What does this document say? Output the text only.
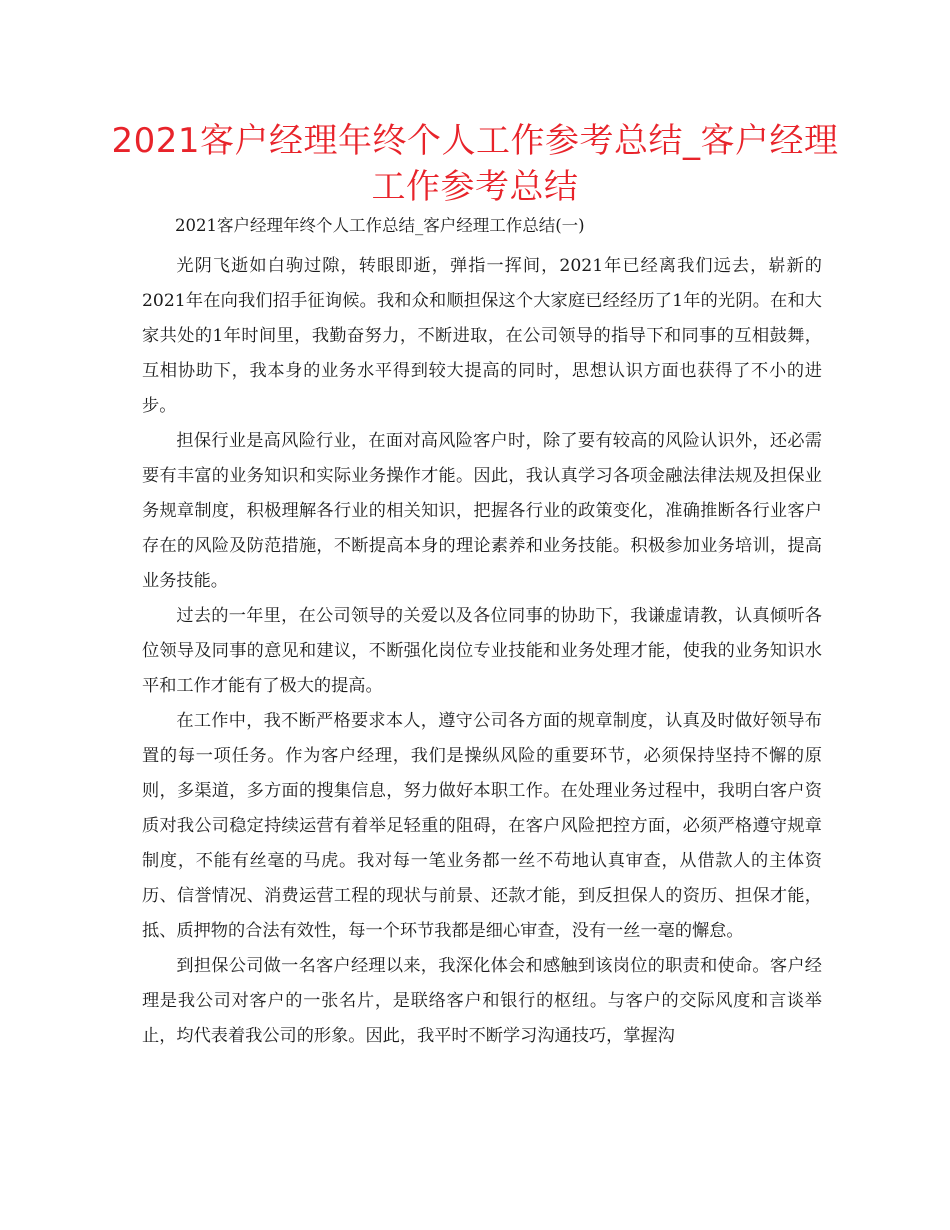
2021客户经理年终个人工作参考总结_客户经理工作参考总结

2021客户经理年终个人工作总结_客户经理工作总结(一)

光阴飞逝如白驹过隙，转眼即逝，弹指一挥间，2021年已经离我们远去，崭新的2021年在向我们招手征询候。我和众和顺担保这个大家庭已经经历了1年的光阴。在和大家共处的1年时间里，我勤奋努力，不断进取，在公司领导的指导下和同事的互相鼓舞，互相协助下，我本身的业务水平得到较大提高的同时，思想认识方面也获得了不小的进步。

担保行业是高风险行业，在面对高风险客户时，除了要有较高的风险认识外，还必需要有丰富的业务知识和实际业务操作才能。因此，我认真学习各项金融法律法规及担保业务规章制度，积极理解各行业的相关知识，把握各行业的政策变化，准确推断各行业客户存在的风险及防范措施，不断提高本身的理论素养和业务技能。积极参加业务培训，提高业务技能。

过去的一年里，在公司领导的关爱以及各位同事的协助下，我谦虚请教，认真倾听各位领导及同事的意见和建议，不断强化岗位专业技能和业务处理才能，使我的业务知识水平和工作才能有了极大的提高。

在工作中，我不断严格要求本人，遵守公司各方面的规章制度，认真及时做好领导布置的每一项任务。作为客户经理，我们是操纵风险的重要环节，必须保持坚持不懈的原则，多渠道，多方面的搜集信息，努力做好本职工作。在处理业务过程中，我明白客户资质对我公司稳定持续运营有着举足轻重的阻碍，在客户风险把控方面，必须严格遵守规章制度，不能有丝毫的马虎。我对每一笔业务都一丝不苟地认真审查，从借款人的主体资历、信誉情况、消费运营工程的现状与前景、还款才能，到反担保人的资历、担保才能，抵、质押物的合法有效性，每一个环节我都是细心审查，没有一丝一毫的懈怠。

到担保公司做一名客户经理以来，我深化体会和感触到该岗位的职责和使命。客户经理是我公司对客户的一张名片，是联络客户和银行的枢纽。与客户的交际风度和言谈举止，均代表着我公司的形象。因此，我平时不断学习沟通技巧，掌握沟
